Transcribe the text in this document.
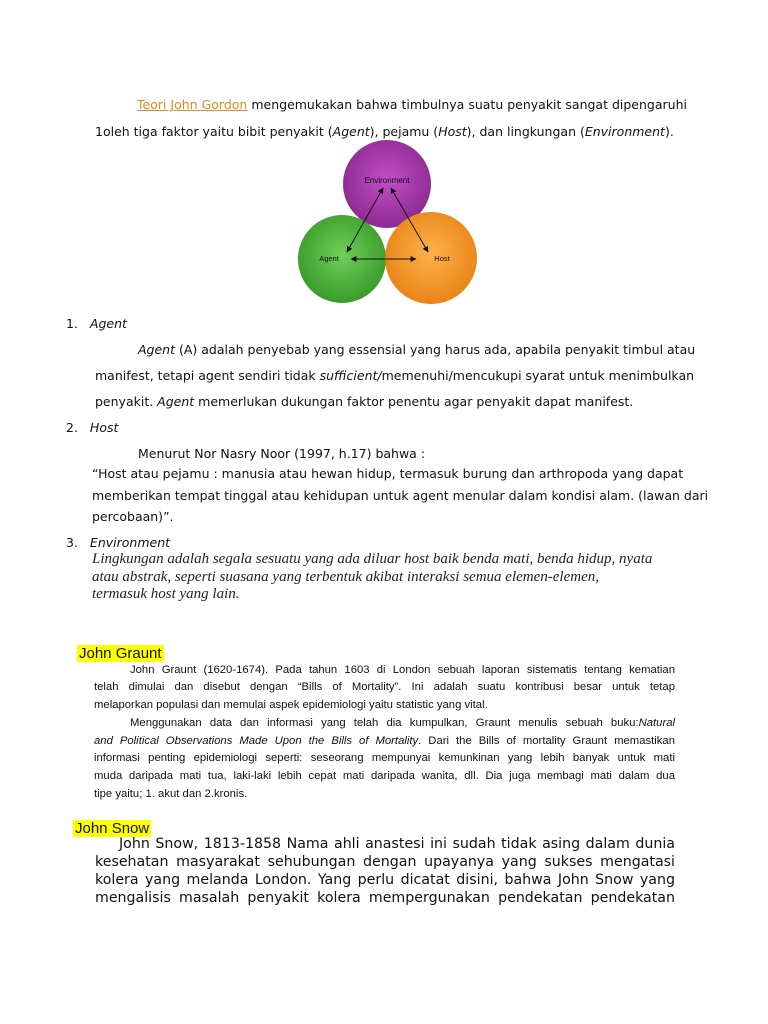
Teori John Gordon mengemukakan bahwa timbulnya suatu penyakit sangat dipengaruhi
1oleh tiga faktor yaitu bibit penyakit (Agent), pejamu (Host), dan lingkungan (Environment).
Environment
Agent	Host
1. Agent
Agent (A) adalah penyebab yang essensial yang harus ada, apabila penyakit timbul atau
manifest, tetapi agent sendiri tidak sufficient/memenuhi/mencukupi syarat untuk menimbulkan
penyakit. Agent memerlukan dukungan faktor penentu agar penyakit dapat manifest.
2. Host
Menurut Nor Nasry Noor (1997, h.17) bahwa :
“Host atau pejamu : manusia atau hewan hidup, termasuk burung dan arthropoda yang dapat
memberikan tempat tinggal atau kehidupan untuk agent menular dalam kondisi alam. (lawan dari
percobaan)”.
3. Environment
Lingkungan adalah segala sesuatu yang ada diluar host baik benda mati, benda hidup, nyata
atau abstrak, seperti suasana yang terbentuk akibat interaksi semua elemen-elemen,
termasuk host yang lain.
John Graunt
John Graunt (1620-1674). Pada tahun 1603 di London sebuah laporan sistematis tentang kematian
telah dimulai dan disebut dengan “Bills of Mortality”. Ini adalah suatu kontribusi besar untuk tetap
melaporkan populasi dan memulai aspek epidemiologi yaitu statistic yang vital.
Menggunakan data dan informasi yang telah dia kumpulkan, Graunt menulis sebuah buku:Natural
and Political Observations Made Upon the Bills of Mortality. Dari the Bills of mortality Graunt memastikan
informasi penting epidemiologi seperti: seseorang mempunyai kemunkinan yang lebih banyak untuk mati
muda daripada mati tua, laki-laki lebih cepat mati daripada wanita, dll. Dia juga membagi mati dalam dua
tipe yaitu; 1. akut dan 2.kronis.
John Snow
John Snow, 1813-1858 Nama ahli anastesi ini sudah tidak asing dalam dunia
kesehatan masyarakat sehubungan dengan upayanya yang sukses mengatasi
kolera yang melanda London. Yang perlu dicatat disini, bahwa John Snow yang
mengalisis masalah penyakit kolera mempergunakan pendekatan pendekatan
